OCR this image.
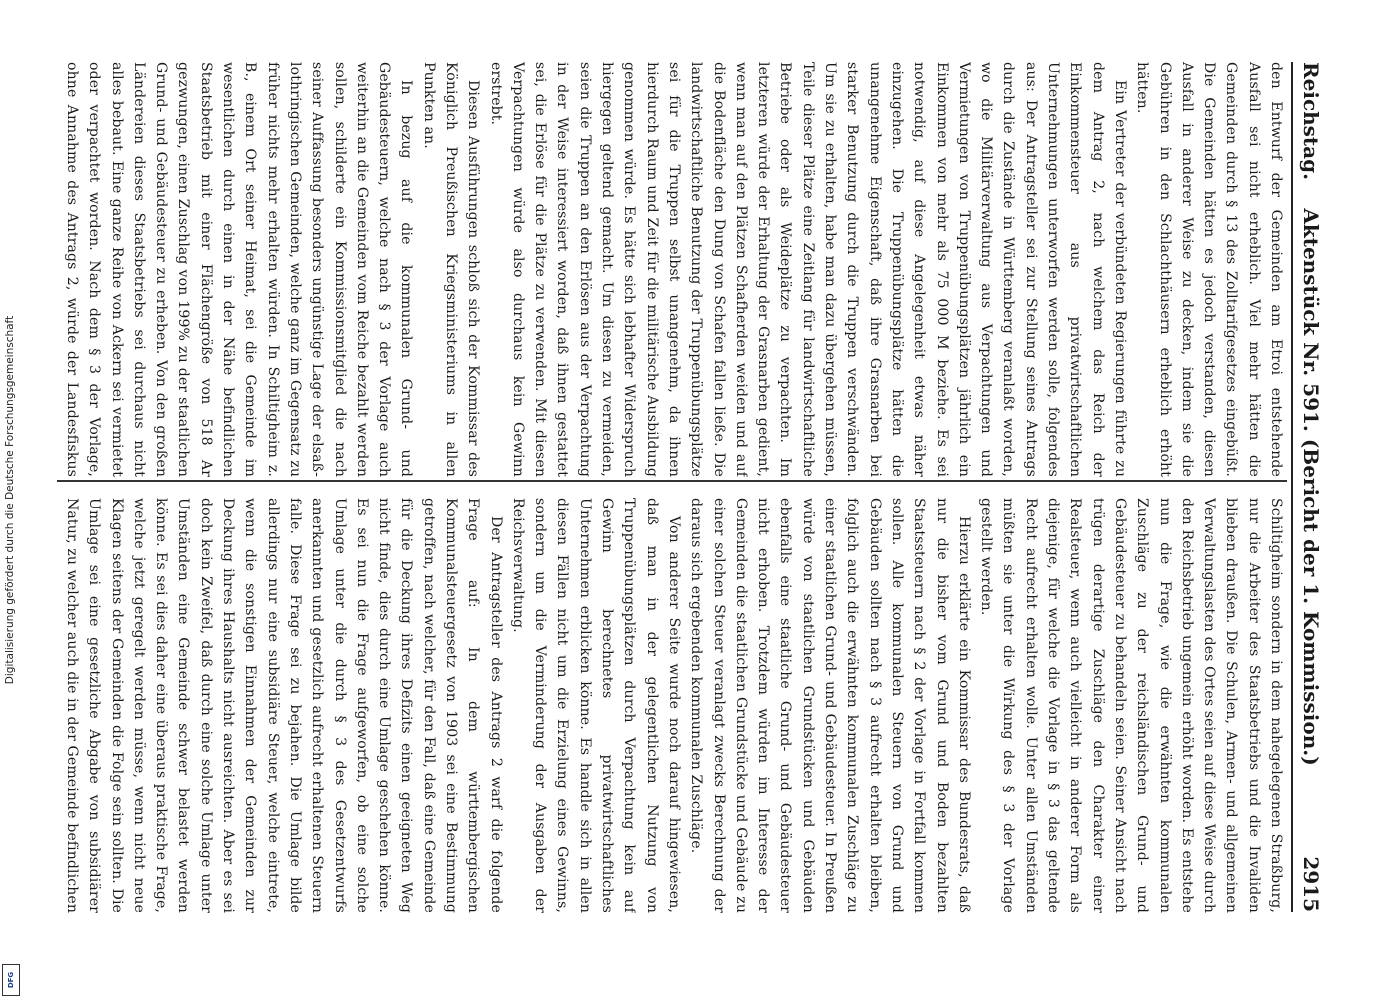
Reichstag.
Aktenstück Nr. 591. (Bericht der 1. Kommission.)
2915

den Entwurf der Gemeinden am Etroi entstehende Ausfall sei nicht erheblich. Viel mehr hätten die Gemeinden durch § 13 des Zolltarifgesetzes eingebüßt. Die Gemeinden hätten es jedoch verstanden, diesen Ausfall in anderer Weise zu decken, indem sie die Gebühren in den Schlachthäusern erheblich erhöht hätten.

Ein Vertreter der verbündeten Regierungen führte zu dem Antrag 2, nach welchem das Reich der Einkommensteuer aus privatwirtschaftlichen Unternehmungen unterworfen werden solle, folgendes aus: Der Antragsteller sei zur Stellung seines Antrags durch die Zustände in Württemberg veranlaßt worden, wo die Militärverwaltung aus Verpachtungen und Vermietungen von Truppenübungsplätzen jährlich ein Einkommen von mehr als 75 000 M beziehe. Es sei notwendig, auf diese Angelegenheit etwas näher einzugehen. Die Truppenübungsplätze hätten die unangenehme Eigenschaft, daß ihre Grasnarben bei starker Benutzung durch die Truppen verschwänden. Um sie zu erhalten, habe man dazu übergehen müssen, Teile dieser Plätze eine Zeitlang für landwirtschaftliche Betriebe oder als Weideplätze zu verpachten. Im letzteren würde der Erhaltung der Grasnarben gedient, wenn man auf den Plätzen Schafherden weiden und auf die Bodenfläche den Dung von Schafen fallen ließe. Die landwirtschaftliche Benutzung der Truppenübungsplätze sei für die Truppen selbst unangenehm, da ihnen hierdurch Raum und Zeit für die militärische Ausbildung genommen würde. Es hätte sich lebhafter Widerspruch hiergegen geltend gemacht. Um diesen zu vermeiden, seien die Truppen an den Erlösen aus der Verpachtung in der Weise interessiert worden, daß ihnen gestattet sei, die Erlöse für die Plätze zu verwenden. Mit diesen Verpachtungen würde also durchaus kein Gewinn erstrebt.

Diesen Ausführungen schloß sich der Kommissar des Königlich Preußischen Kriegsministeriums in allen Punkten an.

In bezug auf die kommunalen Grund- und Gebäudesteuern, welche nach § 3 der Vorlage auch weiterhin an die Gemeinden vom Reiche bezahlt werden sollen, schilderte ein Kommissionsmitglied die nach seiner Auffassung besonders ungünstige Lage der elsaß-lothringischen Gemeinden, welche ganz im Gegensatz zu früher nichts mehr erhalten würden. In Schiltigheim z. B., einem Ort seiner Heimat, sei die Gemeinde im wesentlichen durch einen in der Nähe befindlichen Staatsbetrieb mit einer Flächengröße von 518 Ar gezwungen, einen Zuschlag von 199% zu der staatlichen Grund- und Gebäudesteuer zu erheben. Von den großen Ländereien dieses Staatsbetriebs sei durchaus nicht alles bebaut. Eine ganze Reihe von Ackern sei vermietet oder verpachtet worden. Nach dem § 3 der Vorlage, ohne Annahme des Antrags 2, würde der Landesfiskus

Schiltigheim sondern in dem nahegelegenen Straßburg, nur die Arbeiter des Staatsbetriebs und die Invaliden blieben draußen. Die Schulen, Armen- und allgemeinen Verwaltungslasten des Ortes seien auf diese Weise durch den Reichsbetrieb ungemein erhöht worden. Es entstehe nun die Frage, wie die erwähnten kommunalen Zuschläge zu der reichsländischen Grund- und Gebäudesteuer zu behandeln seien. Seiner Ansicht nach trügen derartige Zuschläge den Charakter einer Realsteuer, wenn auch vielleicht in anderer Form als diejenige, für welche die Vorlage in § 3 das geltende Recht aufrecht erhalten wolle. Unter allen Umständen müßten sie unter die Wirkung des § 3 der Vorlage gestellt werden.

Hierzu erklärte ein Kommissar des Bundesrats, daß nur die bisher vom Grund und Boden bezahlten Staatssteuern nach § 2 der Vorlage in Fortfall kommen sollen. Alle kommunalen Steuern von Grund und Gebäuden sollten nach § 3 aufrecht erhalten bleiben, folglich auch die erwähnten kommunalen Zuschläge zu einer staatlichen Grund- und Gebäudesteuer. In Preußen würde von staatlichen Grundstücken und Gebäuden ebenfalls eine staatliche Grund- und Gebäudesteuer nicht erhoben. Trotzdem würden im Interesse der Gemeinden die staatlichen Grundstücke und Gebäude zu einer solchen Steuer veranlagt zwecks Berechnung der daraus sich ergebenden kommunalen Zuschläge.

Von anderer Seite wurde noch darauf hingewiesen, daß man in der gelegentlichen Nutzung von Truppenübungsplätzen durch Verpachtung kein auf Gewinn berechnetes privatwirtschaftliches Unternehmen erblicken könne. Es handle sich in allen diesen Fällen nicht um die Erzielung eines Gewinns, sondern um die Verminderung der Ausgaben der Reichsverwaltung.

Der Antragsteller des Antrags 2 warf die folgende Frage auf: In dem württembergischen Kommunalsteuergesetz von 1903 sei eine Bestimmung getroffen, nach welcher, für den Fall, daß eine Gemeinde für die Deckung ihres Defizits einen geeigneten Weg nicht finde, dies durch eine Umlage geschehen könne. Es sei nun die Frage aufgeworfen, ob eine solche Umlage unter die durch § 3 des Gesetzentwurfs anerkannten und gesetzlich aufrecht erhaltenen Steuern falle. Diese Frage sei zu bejahen. Die Umlage bilde allerdings nur eine subsidiäre Steuer, welche eintrete, wenn die sonstigen Einnahmen der Gemeinden zur Deckung ihres Haushalts nicht ausreichten. Aber es sei doch kein Zweifel, daß durch eine solche Umlage unter Umständen eine Gemeinde schwer belastet werden könne. Es sei dies daher eine überaus praktische Frage, welche jetzt geregelt werden müsse, wenn nicht neue Klagen seitens der Gemeinden die Folge sein sollten. Die Umlage sei eine gesetzliche Abgabe von subsidiärer Natur, zu welcher auch die in der Gemeinde befindlichen

Digitalisierung gefördert durch die Deutsche Forschungsgemeinschaft
DFG
